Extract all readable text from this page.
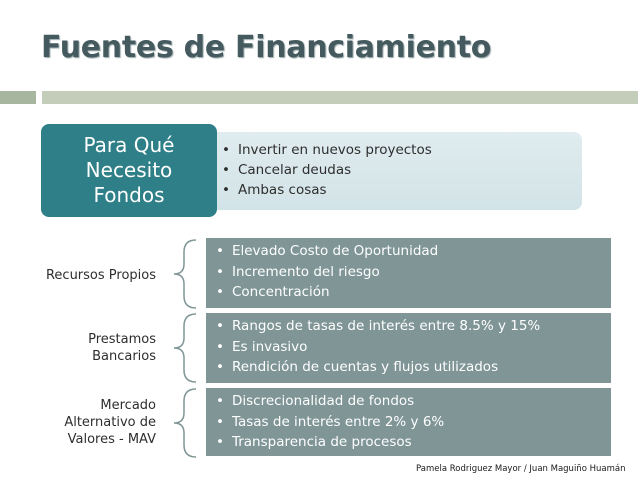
Fuentes de Financiamiento
• Invertir en nuevos proyectos
• Cancelar deudas
• Ambas cosas
Para Qué
Necesito
Fondos
Recursos Propios
• Elevado Costo de Oportunidad
• Incremento del riesgo
• Concentración
Prestamos
Bancarios
• Rangos de tasas de interés entre 8.5% y 15%
• Es invasivo
• Rendición de cuentas y flujos utilizados
Mercado
Alternativo de
Valores - MAV
• Discrecionalidad de fondos
• Tasas de interés entre 2% y 6%
• Transparencia de procesos
Pamela Rodriguez Mayor / Juan Maguiño Huamán
